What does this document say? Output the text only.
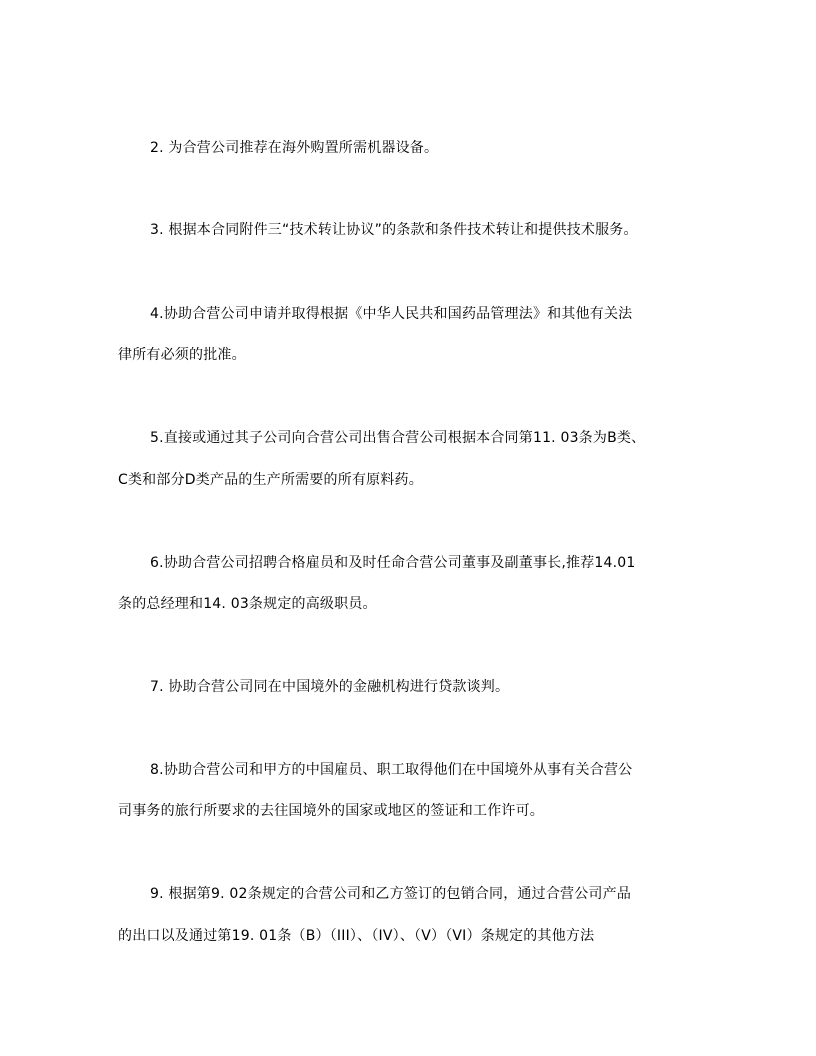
2. 为合营公司推荐在海外购置所需机器设备。
3. 根据本合同附件三“技术转让协议”的条款和条件技术转让和提供技术服务。
4.协助合营公司申请并取得根据《中华人民共和国药品管理法》和其他有关法
律所有必须的批准。
5.直接或通过其子公司向合营公司出售合营公司根据本合同第11. 03条为B类、
C类和部分D类产品的生产所需要的所有原料药。
6.协助合营公司招聘合格雇员和及时任命合营公司董事及副董事长,推荐14.01
条的总经理和14. 03条规定的高级职员。
7. 协助合营公司同在中国境外的金融机构进行贷款谈判。
8.协助合营公司和甲方的中国雇员、职工取得他们在中国境外从事有关合营公
司事务的旅行所要求的去往国境外的国家或地区的签证和工作许可。
9. 根据第9. 02条规定的合营公司和乙方签订的包销合同，通过合营公司产品
的出口以及通过第19. 01条（B）（III）、（IV）、（V）（VI）条规定的其他方法
